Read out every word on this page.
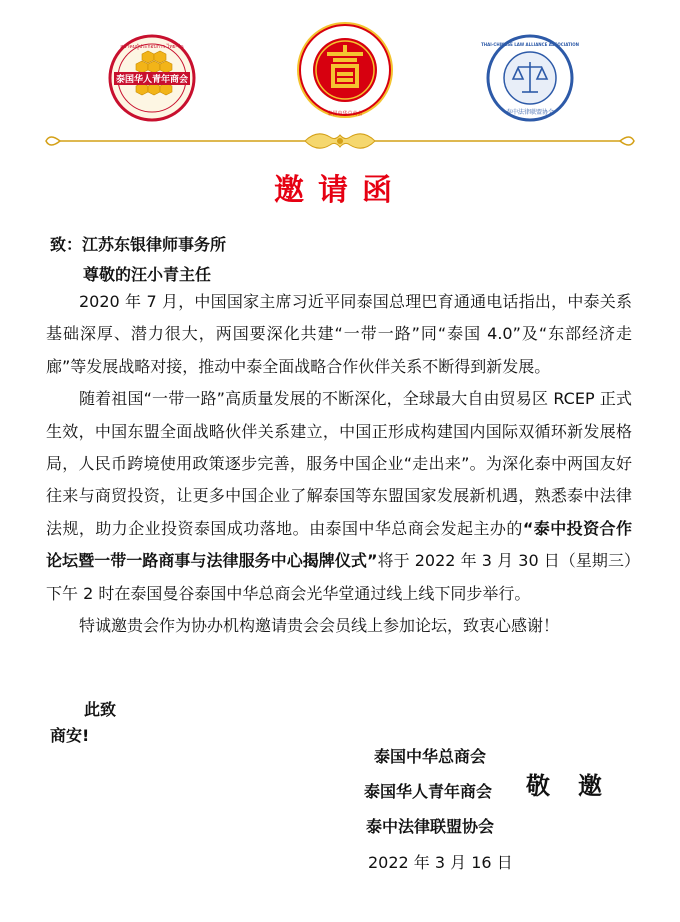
泰国华人青年商会
สมาคมผู้ประกอบการ ไทย-จีน
泰国中华总商会
THAI-CHINESE LAW ALLIANCE ASSOCIATION
泰中法律联盟协会
邀请函
致：江苏东银律师事务所
尊敬的汪小青主任

2020 年 7 月，中国国家主席习近平同泰国总理巴育通通电话指出，中泰关系基础深厚、潜力很大，两国要深化共建“一带一路”同“泰国 4.0”及“东部经济走廊”等发展战略对接，推动中泰全面战略合作伙伴关系不断得到新发展。

随着祖国“一带一路”高质量发展的不断深化，全球最大自由贸易区 RCEP 正式生效，中国东盟全面战略伙伴关系建立，中国正形成构建国内国际双循环新发展格局，人民币跨境使用政策逐步完善，服务中国企业“走出来”。为深化泰中两国友好往来与商贸投资，让更多中国企业了解泰国等东盟国家发展新机遇，熟悉泰中法律法规，助力企业投资泰国成功落地。由泰国中华总商会发起主办的“泰中投资合作论坛暨一带一路商事与法律服务中心揭牌仪式”将于 2022 年 3 月 30 日（星期三）下午 2 时在泰国曼谷泰国中华总商会光华堂通过线上线下同步举行。

特诚邀贵会作为协办机构邀请贵会会员线上参加论坛，致衷心感谢！

此致
商安!
泰国中华总商会
泰国华人青年商会
泰中法律联盟协会
敬邀
2022 年 3 月 16 日
